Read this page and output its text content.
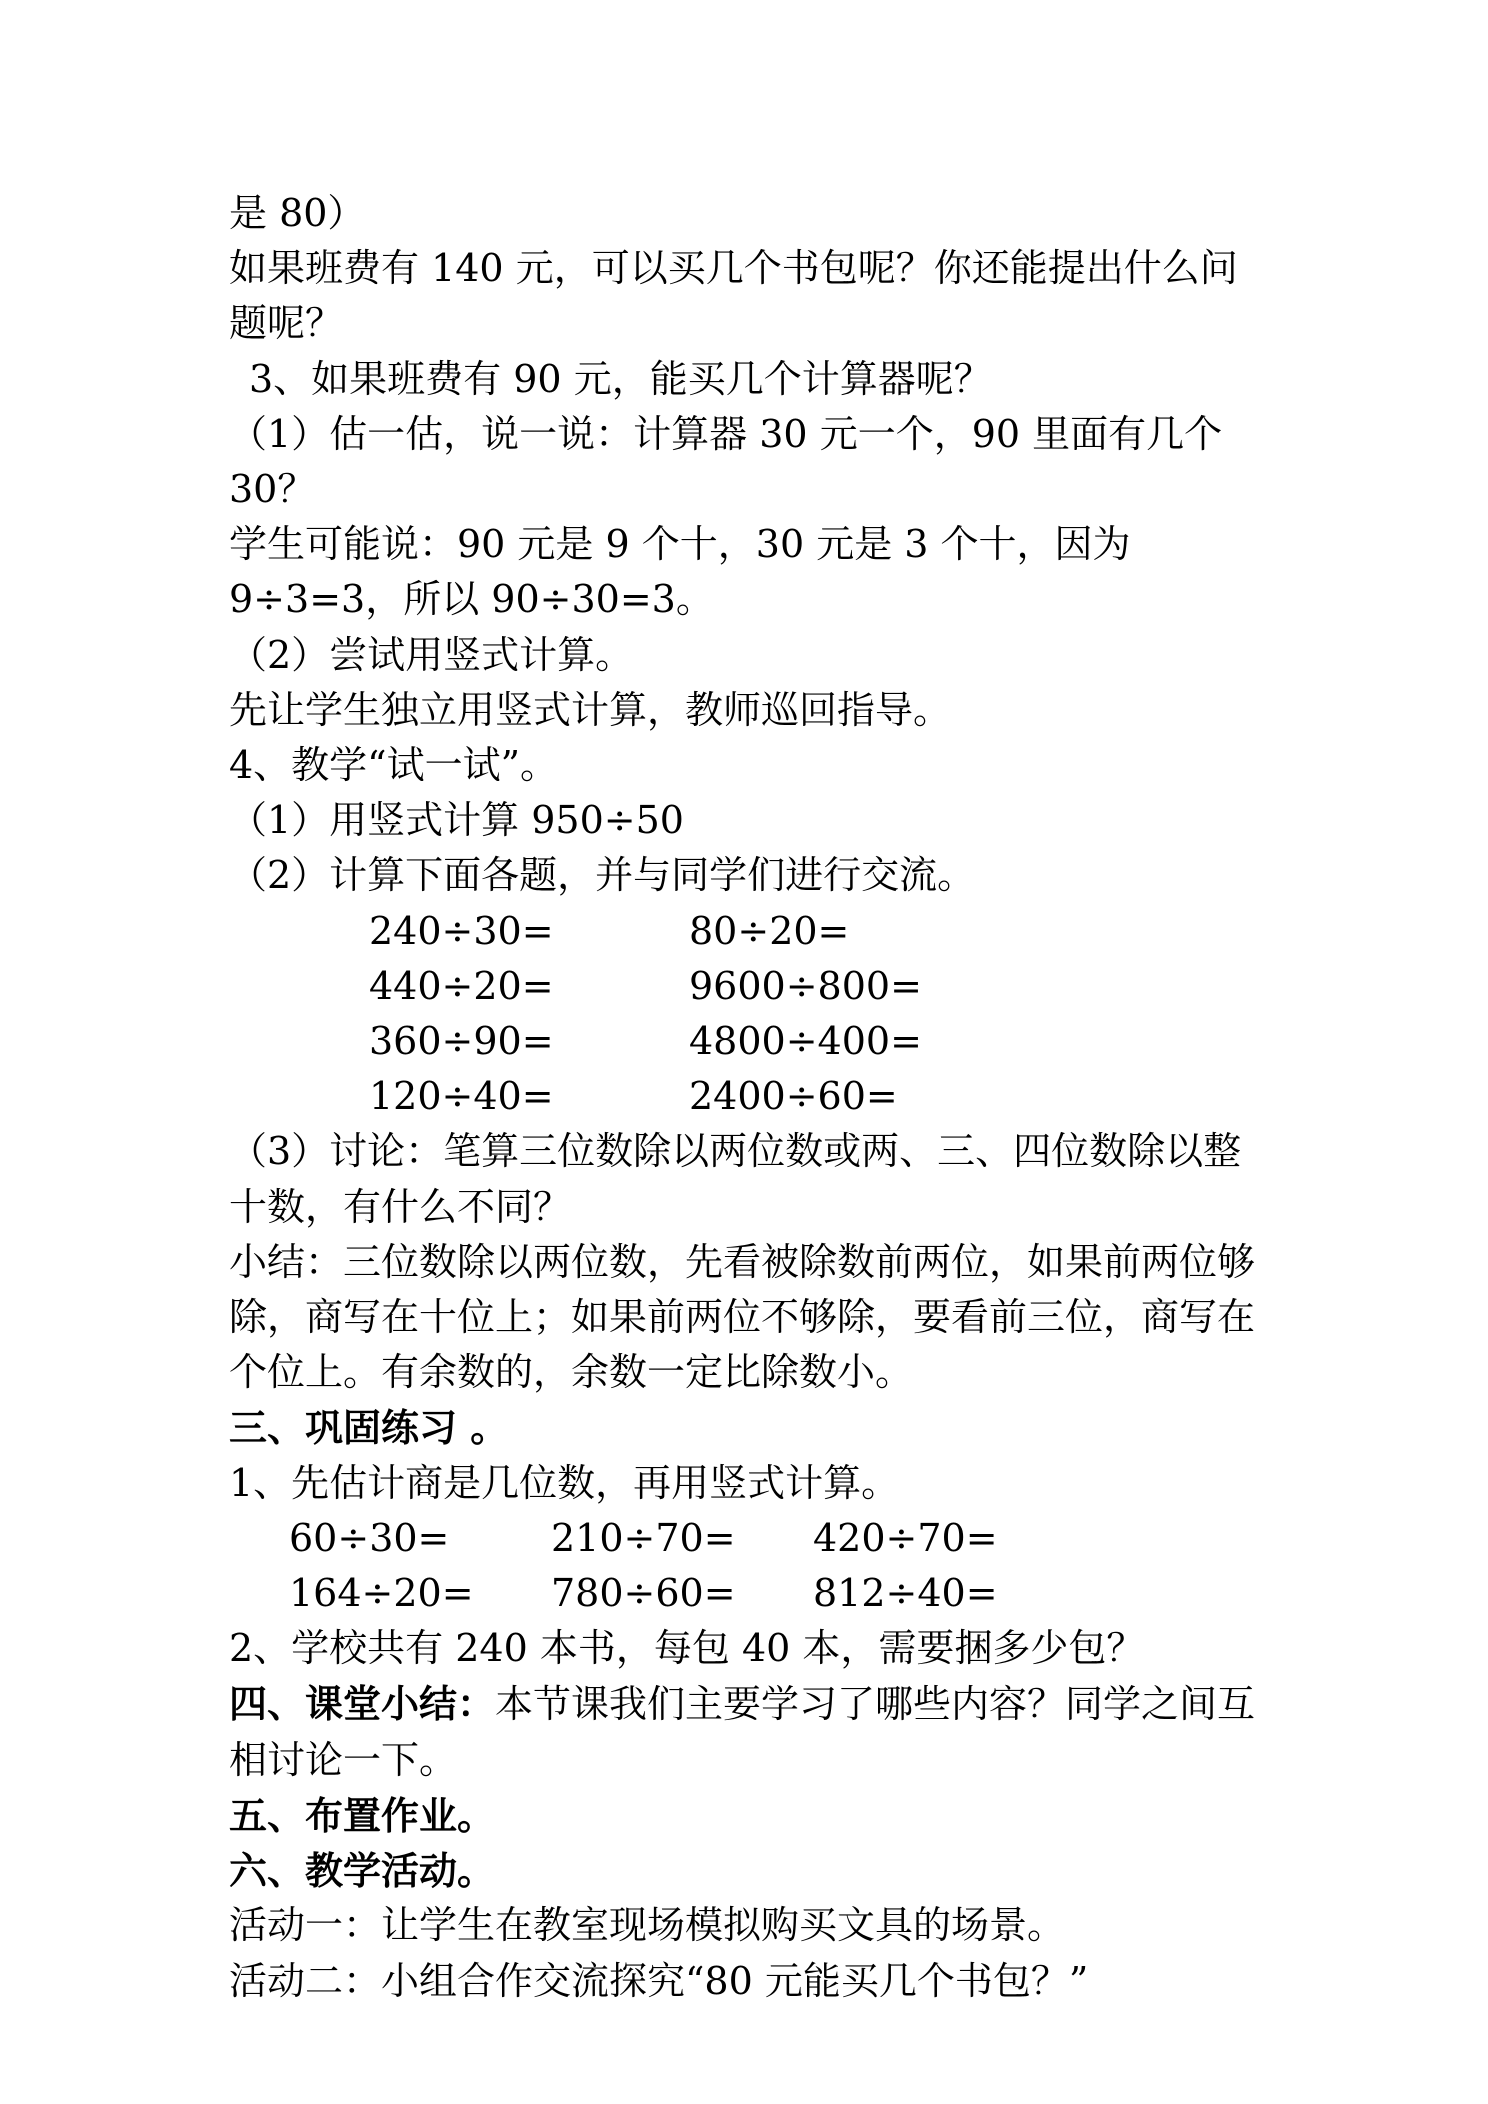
是 80）
如果班费有 140 元，可以买几个书包呢？你还能提出什么问题呢？
3、如果班费有 90 元，能买几个计算器呢？
（1）估一估，说一说：计算器 30 元一个，90 里面有几个 30？
学生可能说：90 元是 9 个十，30 元是 3 个十，因为 9÷3=3，所以 90÷30=3。
（2）尝试用竖式计算。
先让学生独立用竖式计算，教师巡回指导。
4、教学“试一试”。
（1）用竖式计算 950÷50
（2）计算下面各题，并与同学们进行交流。
240÷30=	80÷20=
440÷20=	9600÷800=
360÷90=	4800÷400=
120÷40=	2400÷60=
（3）讨论：笔算三位数除以两位数或两、三、四位数除以整十数，有什么不同？
小结：三位数除以两位数，先看被除数前两位，如果前两位够除，商写在十位上；如果前两位不够除，要看前三位，商写在个位上。有余数的，余数一定比除数小。
三、巩固练习 。
1、先估计商是几位数，再用竖式计算。
60÷30=	210÷70=	420÷70=
164÷20=	780÷60=	812÷40=
2、学校共有 240 本书，每包 40 本，需要捆多少包？
四、课堂小结：本节课我们主要学习了哪些内容？同学之间互相讨论一下。
五、布置作业。
六、教学活动。
活动一：让学生在教室现场模拟购买文具的场景。
活动二：小组合作交流探究“80 元能买几个书包？”
